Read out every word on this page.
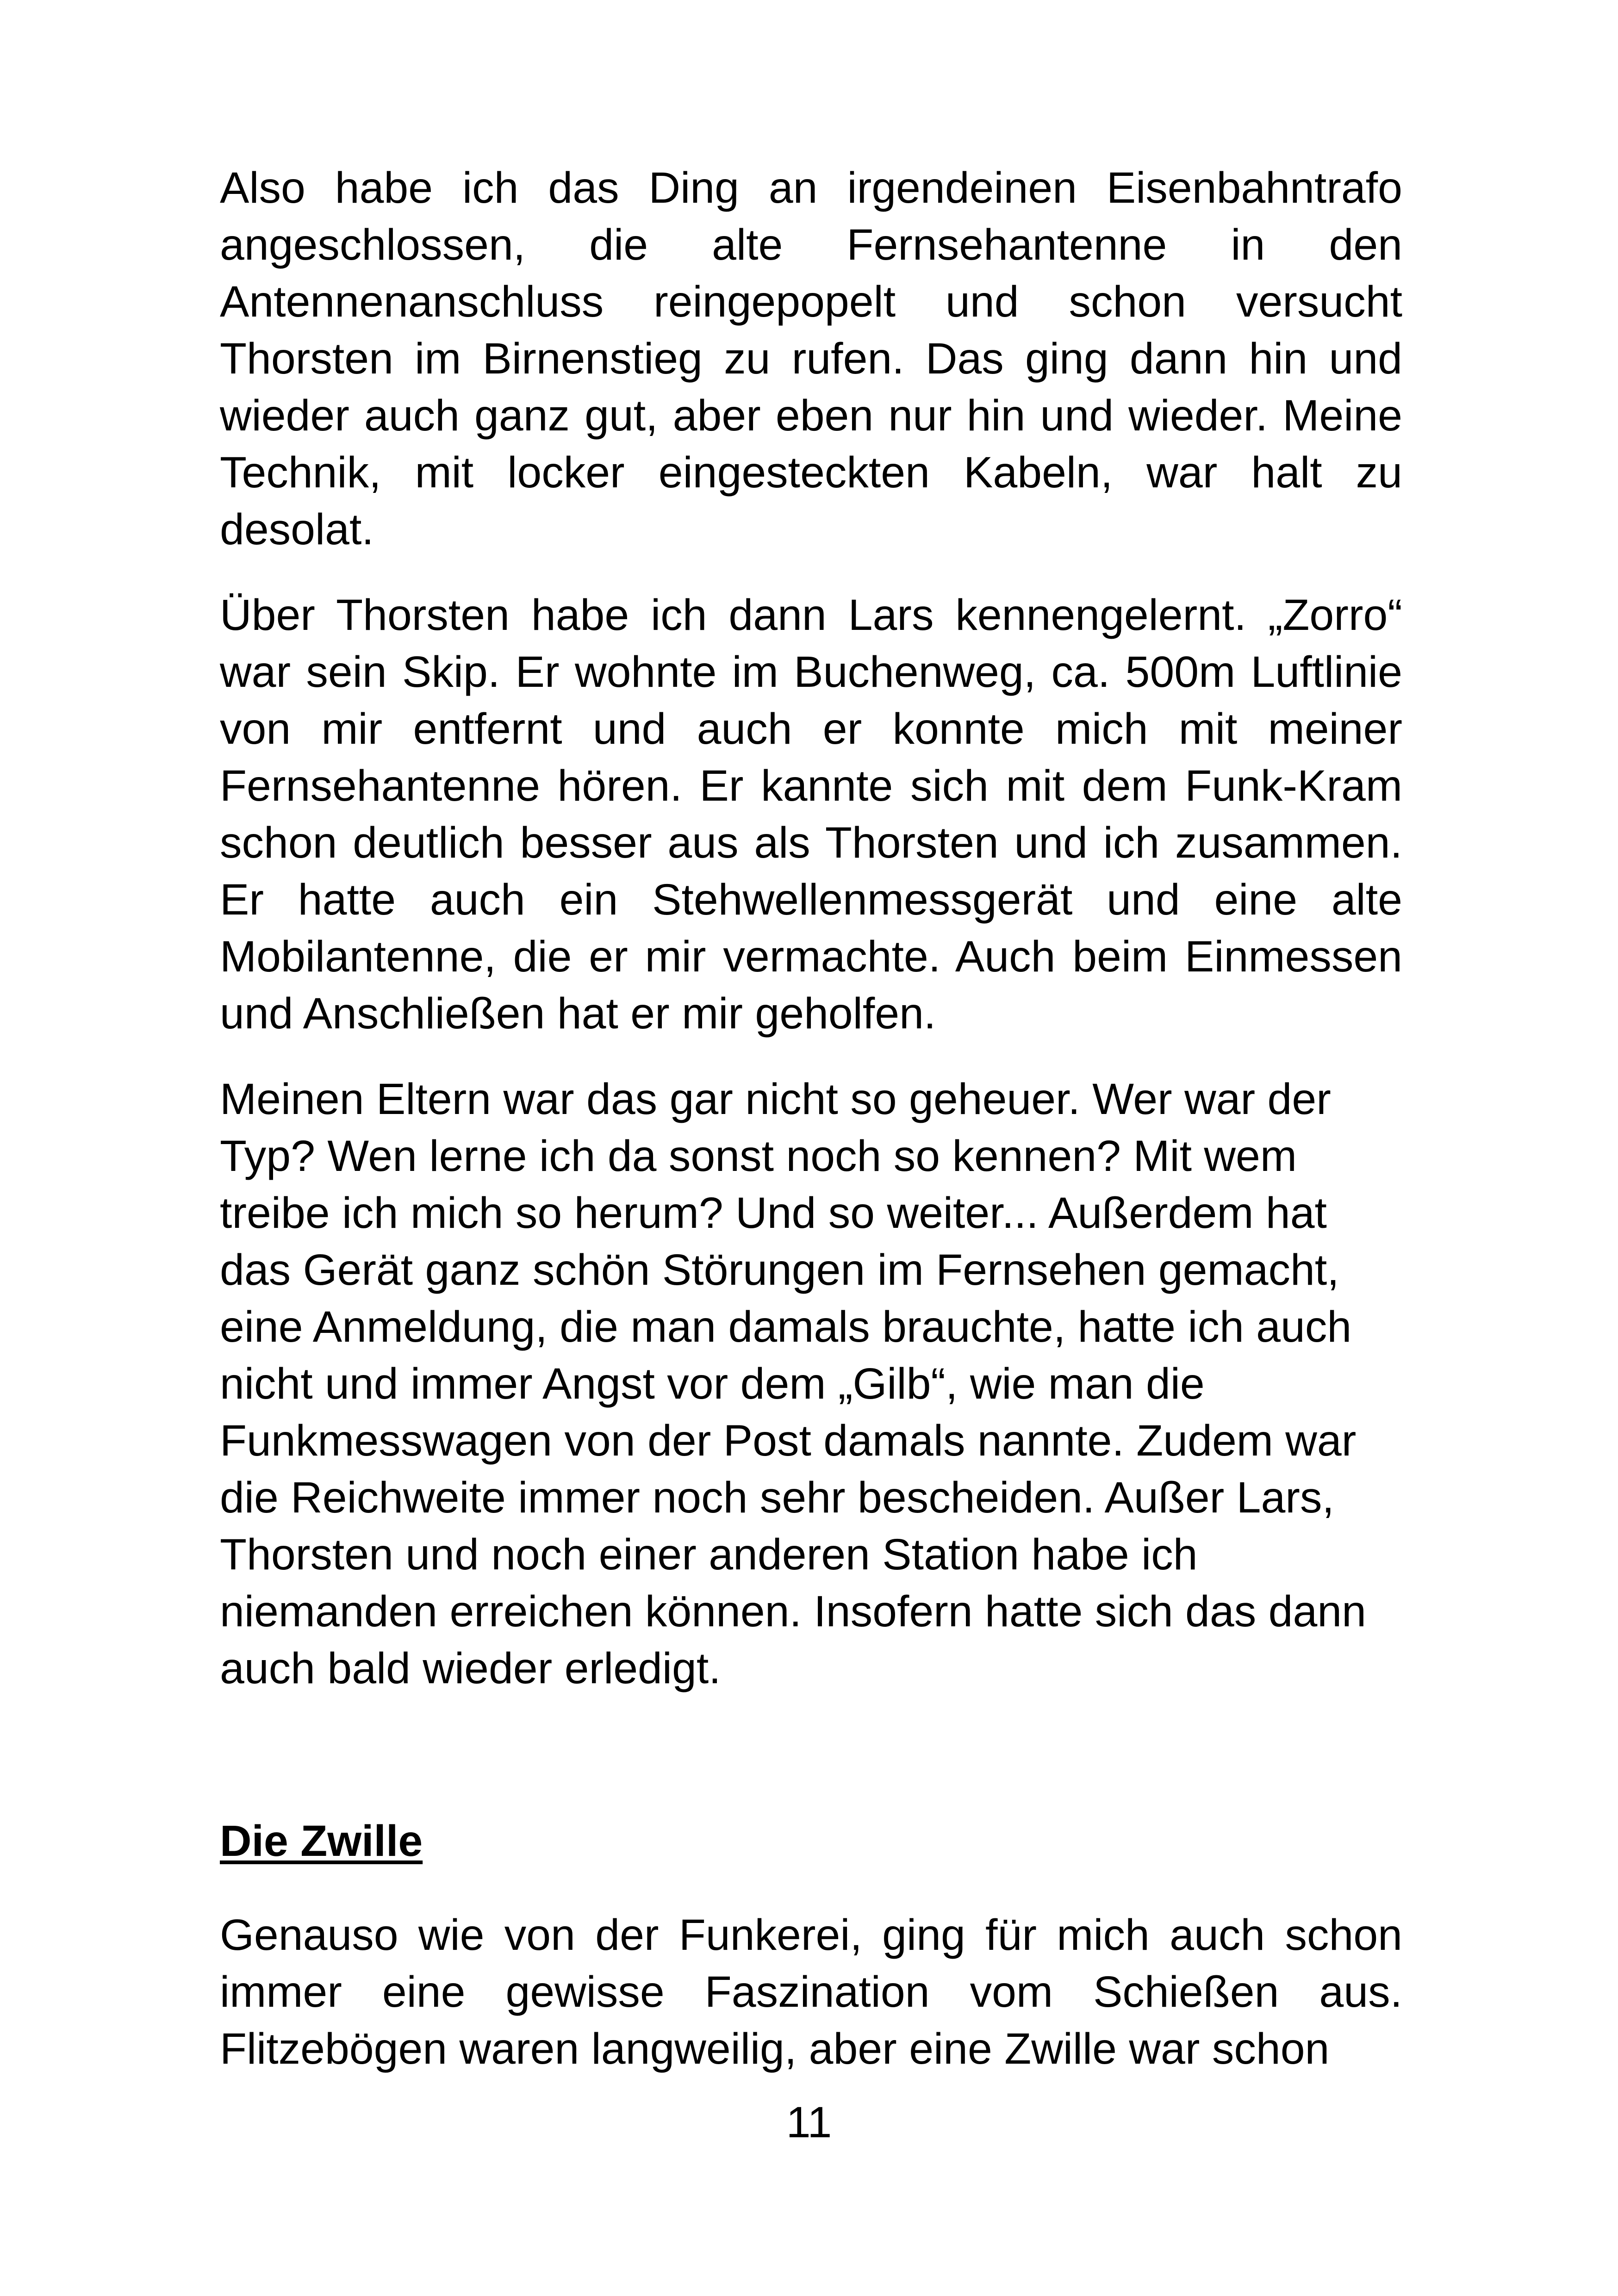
Also habe ich das Ding an irgendeinen Eisenbahntrafo angeschlossen, die alte Fernsehantenne in den Antennenanschluss reingepopelt und schon versucht Thorsten im Birnenstieg zu rufen. Das ging dann hin und wieder auch ganz gut, aber eben nur hin und wieder. Meine Technik, mit locker eingesteckten Kabeln, war halt zu desolat.

Über Thorsten habe ich dann Lars kennengelernt. „Zorro“ war sein Skip. Er wohnte im Buchenweg, ca. 500m Luftlinie von mir entfernt und auch er konnte mich mit meiner Fernsehantenne hören. Er kannte sich mit dem Funk-Kram schon deutlich besser aus als Thorsten und ich zusammen. Er hatte auch ein Stehwellenmessgerät und eine alte Mobilantenne, die er mir vermachte. Auch beim Einmessen und Anschließen hat er mir geholfen.

Meinen Eltern war das gar nicht so geheuer. Wer war der Typ? Wen lerne ich da sonst noch so kennen? Mit wem treibe ich mich so herum? Und so weiter... Außerdem hat das Gerät ganz schön Störungen im Fernsehen gemacht, eine Anmeldung, die man damals brauchte, hatte ich auch nicht und immer Angst vor dem „Gilb“, wie man die Funkmesswagen von der Post damals nannte. Zudem war die Reichweite immer noch sehr bescheiden. Außer Lars, Thorsten und noch einer anderen Station habe ich niemanden erreichen können. Insofern hatte sich das dann auch bald wieder erledigt.

Die Zwille

Genauso wie von der Funkerei, ging für mich auch schon immer eine gewisse Faszination vom Schießen aus. Flitzebögen waren langweilig, aber eine Zwille war schon

11
